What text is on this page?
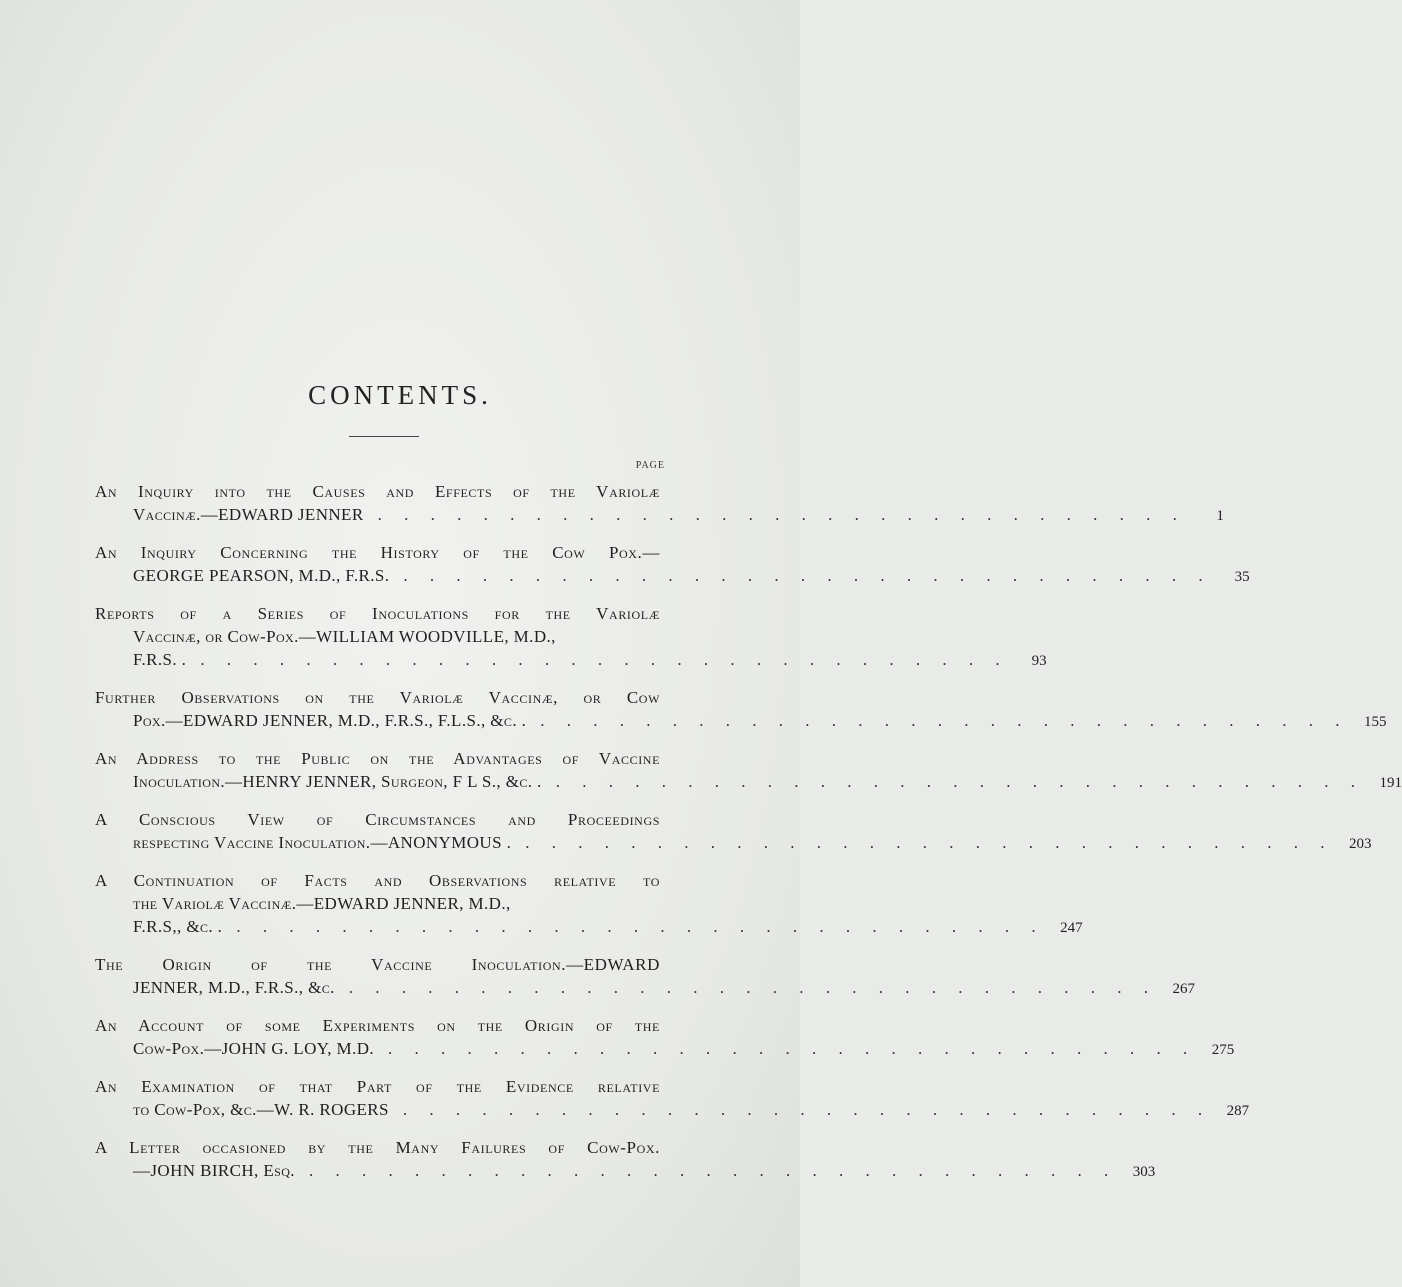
CONTENTS.
PAGE
An Inquiry into the Causes and Effects of the Variolæ
Vaccinæ.—EDWARD JENNER . . . . . . . . . . . . . . . . . . . . . . . . . . . . . . .	1
An Inquiry Concerning the History of the Cow Pox.—
GEORGE PEARSON, M.D., F.R.S. . . . . . . . . . . . . . . . . . . . . . . . . . . . . . . .	35
Reports of a Series of Inoculations for the Variolæ
Vaccinæ, or Cow-Pox.—WILLIAM WOODVILLE, M.D.,
F.R.S. . . . . . . . . . . . . . . . . . . . . . . . . . . . . . . . .	93
Further Observations on the Variolæ Vaccinæ, or Cow
Pox.—EDWARD JENNER, M.D., F.R.S., F.L.S., &c. . . . . . . . . . . . . . . . . . . . . . . . . . . . . . . . .	155
An Address to the Public on the Advantages of Vaccine
Inoculation.—HENRY JENNER, Surgeon, F L S., &c. . . . . . . . . . . . . . . . . . . . . . . . . . . . . . . . .	191
A Conscious View of Circumstances and Proceedings
respecting Vaccine Inoculation.—ANONYMOUS . . . . . . . . . . . . . . . . . . . . . . . . . . . . . . . .	203
A Continuation of Facts and Observations relative to
the Variolæ Vaccinæ.—EDWARD JENNER, M.D.,
F.R.S,, &c. . . . . . . . . . . . . . . . . . . . . . . . . . . . . . . . .	247
The Origin of the Vaccine Inoculation.—EDWARD
JENNER, M.D., F.R.S., &c. . . . . . . . . . . . . . . . . . . . . . . . . . . . . . . .	267
An Account of some Experiments on the Origin of the
Cow-Pox.—JOHN G. LOY, M.D. . . . . . . . . . . . . . . . . . . . . . . . . . . . . . . .	275
An Examination of that Part of the Evidence relative
to Cow-Pox, &c.—W. R. ROGERS . . . . . . . . . . . . . . . . . . . . . . . . . . . . . . .	287
A Letter occasioned by the Many Failures of Cow-Pox.
—JOHN BIRCH, Esq. . . . . . . . . . . . . . . . . . . . . . . . . . . . . . . .	303
